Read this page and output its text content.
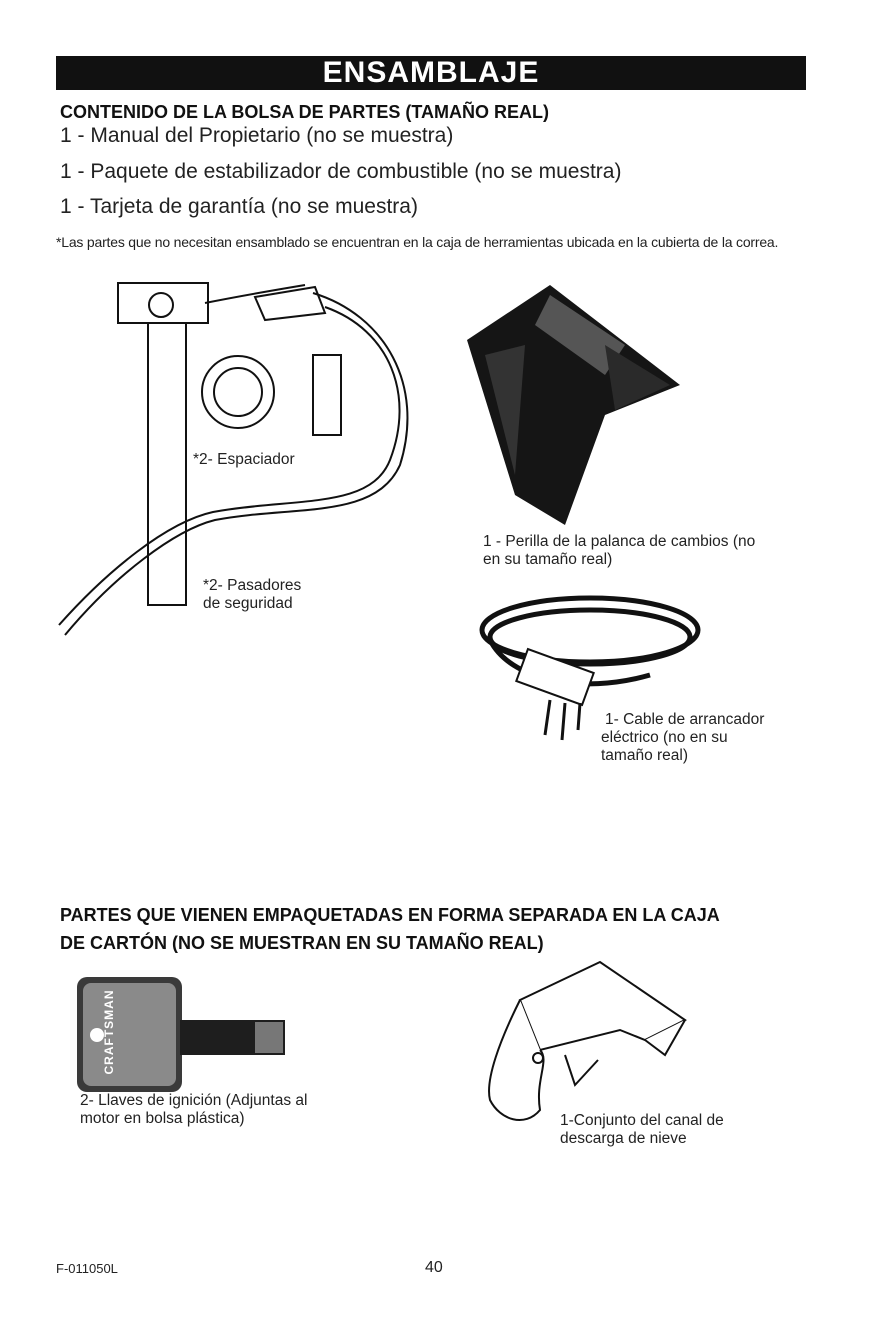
ENSAMBLAJE
CONTENIDO DE LA BOLSA DE PARTES (TAMAÑO REAL)
1 - Manual del Propietario (no se muestra)
1 - Paquete de estabilizador de combustible (no se muestra)
1 - Tarjeta de garantía (no se muestra)
*Las partes que no necesitan ensamblado se encuentran en la caja de herramientas ubicada en la cubierta de la correa.
*2- Espaciador
*2- Pasadores
de seguridad
1 - Perilla de la palanca de cambios (no
en su tamaño real)
1- Cable de arrancador
eléctrico (no en su
tamaño real)
PARTES QUE VIENEN EMPAQUETADAS EN FORMA SEPARADA EN LA CAJA
DE CARTÓN (NO SE MUESTRAN EN SU TAMAÑO REAL)
CRAFTSMAN
2- Llaves de ignición (Adjuntas al
motor en bolsa plástica)	1-Conjunto del canal de
descarga de nieve
F-011050L	40
